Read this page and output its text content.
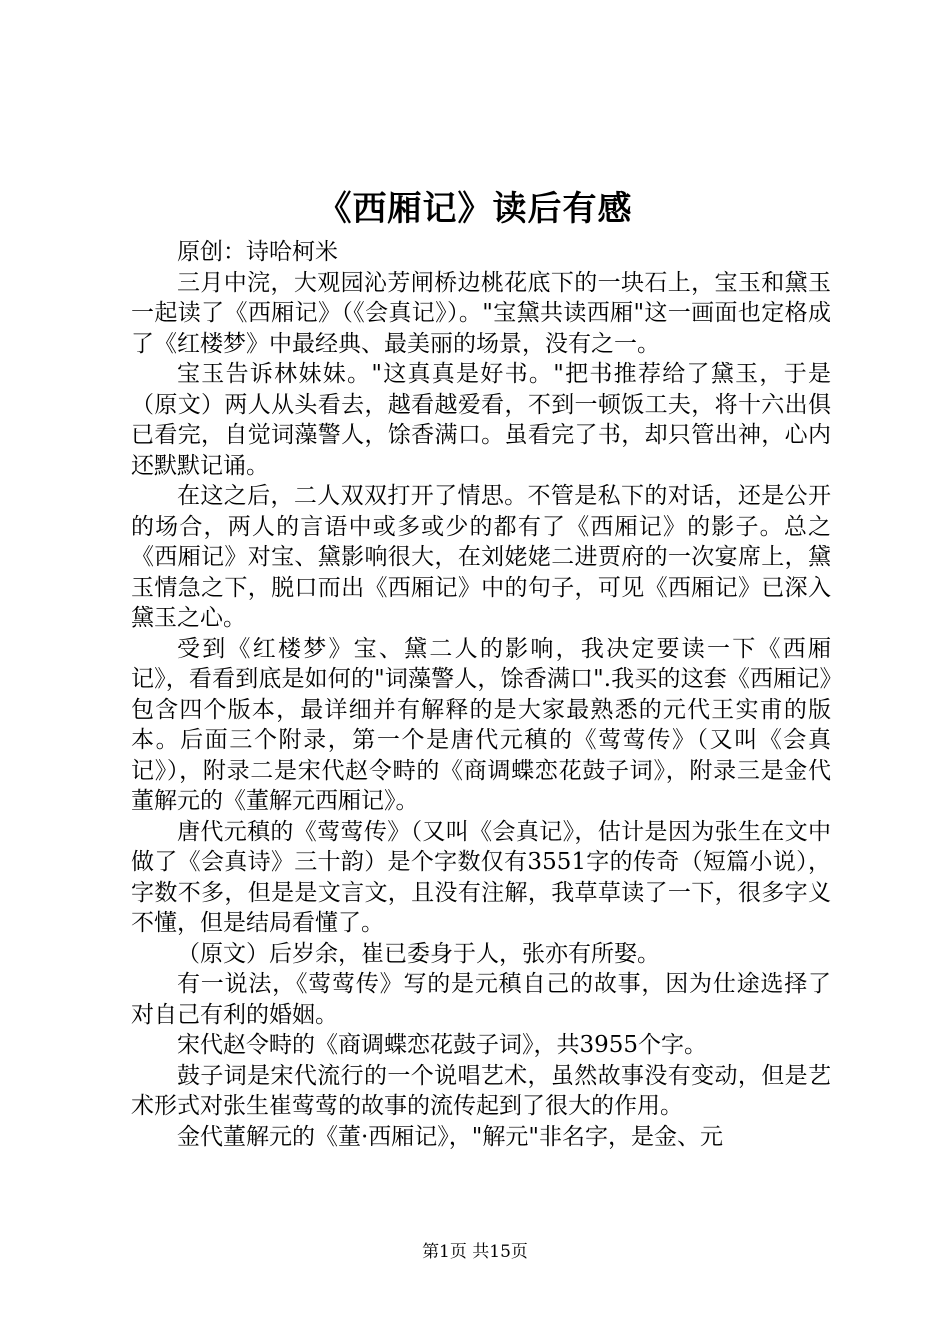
《西厢记》读后有感

原创：诗哈柯米

三月中浣，大观园沁芳闸桥边桃花底下的一块石上，宝玉和黛玉一起读了《西厢记》（《会真记》）。"宝黛共读西厢"这一画面也定格成了《红楼梦》中最经典、最美丽的场景，没有之一。

宝玉告诉林妹妹。"这真真是好书。"把书推荐给了黛玉，于是（原文）两人从头看去，越看越爱看，不到一顿饭工夫，将十六出俱已看完，自觉词藻警人，馀香满口。虽看完了书，却只管出神，心内还默默记诵。

在这之后，二人双双打开了情思。不管是私下的对话，还是公开的场合，两人的言语中或多或少的都有了《西厢记》的影子。总之《西厢记》对宝、黛影响很大，在刘姥姥二进贾府的一次宴席上，黛玉情急之下，脱口而出《西厢记》中的句子，可见《西厢记》已深入黛玉之心。

受到《红楼梦》宝、黛二人的影响，我决定要读一下《西厢记》，看看到底是如何的"词藻警人，馀香满口".我买的这套《西厢记》包含四个版本，最详细并有解释的是大家最熟悉的元代王实甫的版本。后面三个附录，第一个是唐代元稹的《莺莺传》（又叫《会真记》），附录二是宋代赵令畤的《商调蝶恋花鼓子词》，附录三是金代董解元的《董解元西厢记》。

唐代元稹的《莺莺传》（又叫《会真记》，估计是因为张生在文中做了《会真诗》三十韵）是个字数仅有3551字的传奇（短篇小说），字数不多，但是是文言文，且没有注解，我草草读了一下，很多字义不懂，但是结局看懂了。

（原文）后岁余，崔已委身于人，张亦有所娶。

有一说法，《莺莺传》写的是元稹自己的故事，因为仕途选择了对自己有利的婚姻。

宋代赵令畤的《商调蝶恋花鼓子词》，共3955个字。

鼓子词是宋代流行的一个说唱艺术，虽然故事没有变动，但是艺术形式对张生崔莺莺的故事的流传起到了很大的作用。

金代董解元的《董·西厢记》，"解元"非名字，是金、元

第1页 共15页
